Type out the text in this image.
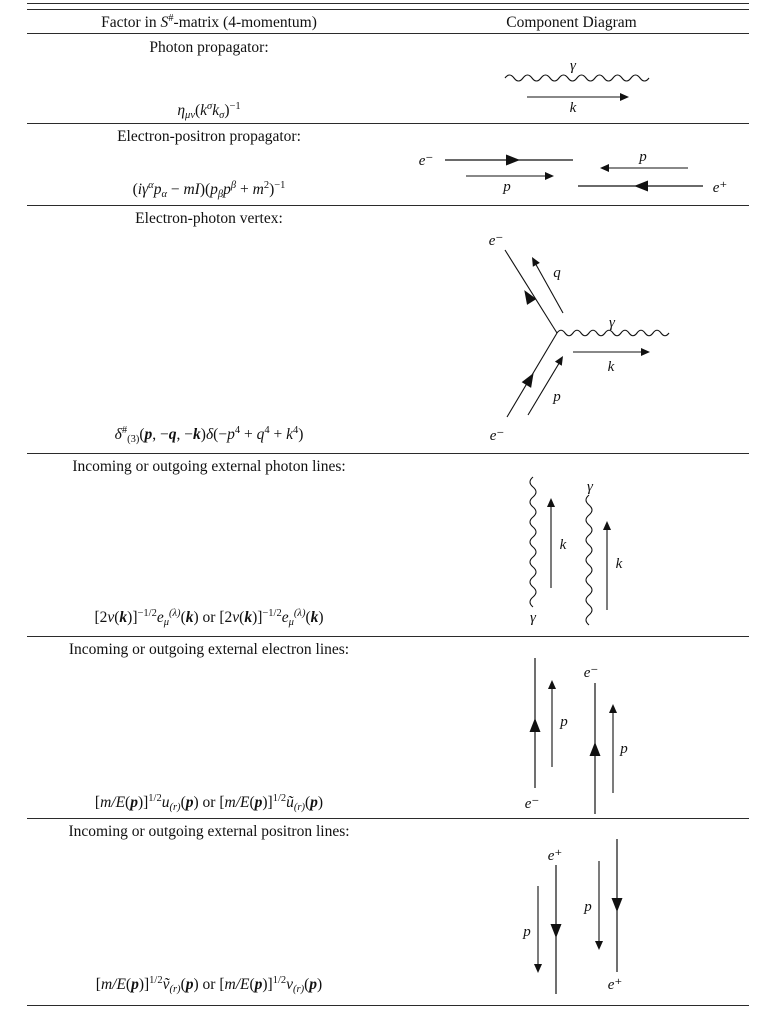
Factor in S#-matrix (4-momentum)	Component Diagram
Photon propagator:
Electron-positron propagator:
Electron-photon vertex:
Incoming or outgoing external photon lines:
Incoming or outgoing external electron lines:
Incoming or outgoing external positron lines:
$\eta_{\mu\nu}(k^\sigma k_\sigma)^{-1}$
$(i\gamma^\alpha p_\alpha - mI)(p_\beta p^\beta + m^2)^{-1}$
$\delta^{\#}_{(3)}(p$, −q, $-k)\delta(-p^4 + q^4 + k^4)$
$[2\nu(k)]^{-1/2}e_\mu^{(\lambda)}(k)$ or $[2\nu(k)]^{-1/2}e_\mu^{(\lambda)}(k)$
$[m/E(p)]^{1/2}u_{(r)}(p)$ or $[m/E(p)]^{1/2}ũ_{(r)}(p)$
$[m/E(p)]^{1/2}ṽ_{(r)}(p)$ or $[m/E(p)]^{1/2}v_{(r)}(p)$
γ
k
e⁻
p
p
e⁺
e⁻
q
γ
k
p
e⁻
γ
k
γ
k
e⁻
p
e⁻
p
e⁺
p
p
e⁺
